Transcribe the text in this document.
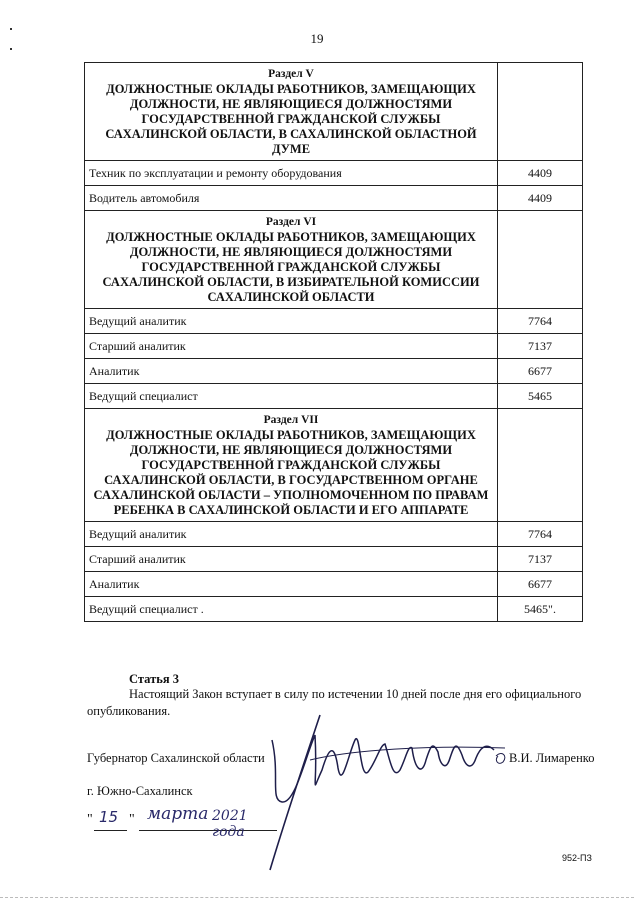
19
Раздел V
ДОЛЖНОСТНЫЕ ОКЛАДЫ РАБОТНИКОВ, ЗАМЕЩАЮЩИХ ДОЛЖНОСТИ, НЕ ЯВЛЯЮЩИЕСЯ ДОЛЖНОСТЯМИ ГОСУДАРСТВЕННОЙ ГРАЖДАНСКОЙ СЛУЖБЫ САХАЛИНСКОЙ ОБЛАСТИ, В САХАЛИНСКОЙ ОБЛАСТНОЙ ДУМЕ	

Техник по эксплуатации и ремонту оборудования	4409
Водитель автомобиля	4409

Раздел VI
ДОЛЖНОСТНЫЕ ОКЛАДЫ РАБОТНИКОВ, ЗАМЕЩАЮЩИХ ДОЛЖНОСТИ, НЕ ЯВЛЯЮЩИЕСЯ ДОЛЖНОСТЯМИ ГОСУДАРСТВЕННОЙ ГРАЖДАНСКОЙ СЛУЖБЫ САХАЛИНСКОЙ ОБЛАСТИ, В ИЗБИРАТЕЛЬНОЙ КОМИССИИ САХАЛИНСКОЙ ОБЛАСТИ	

Ведущий аналитик	7764
Старший аналитик	7137
Аналитик	6677
Ведущий специалист	5465

Раздел VII
ДОЛЖНОСТНЫЕ ОКЛАДЫ РАБОТНИКОВ, ЗАМЕЩАЮЩИХ ДОЛЖНОСТИ, НЕ ЯВЛЯЮЩИЕСЯ ДОЛЖНОСТЯМИ ГОСУДАРСТВЕННОЙ ГРАЖДАНСКОЙ СЛУЖБЫ САХАЛИНСКОЙ ОБЛАСТИ, В ГОСУДАРСТВЕННОМ ОРГАНЕ САХАЛИНСКОЙ ОБЛАСТИ – УПОЛНОМОЧЕННОМ ПО ПРАВАМ РЕБЕНКА В САХАЛИНСКОЙ ОБЛАСТИ И ЕГО АППАРАТЕ	

Ведущий аналитик	7764
Старший аналитик	7137
Аналитик	6677
Ведущий специалист .	5465".
Статья 3
Настоящий Закон вступает в силу по истечении 10 дней после дня его официального опубликования.
Губернатор Сахалинской области	В.И. Лимаренко
г. Южно-Сахалинск
" 15 " марта 2021 года
952-ПЗ
